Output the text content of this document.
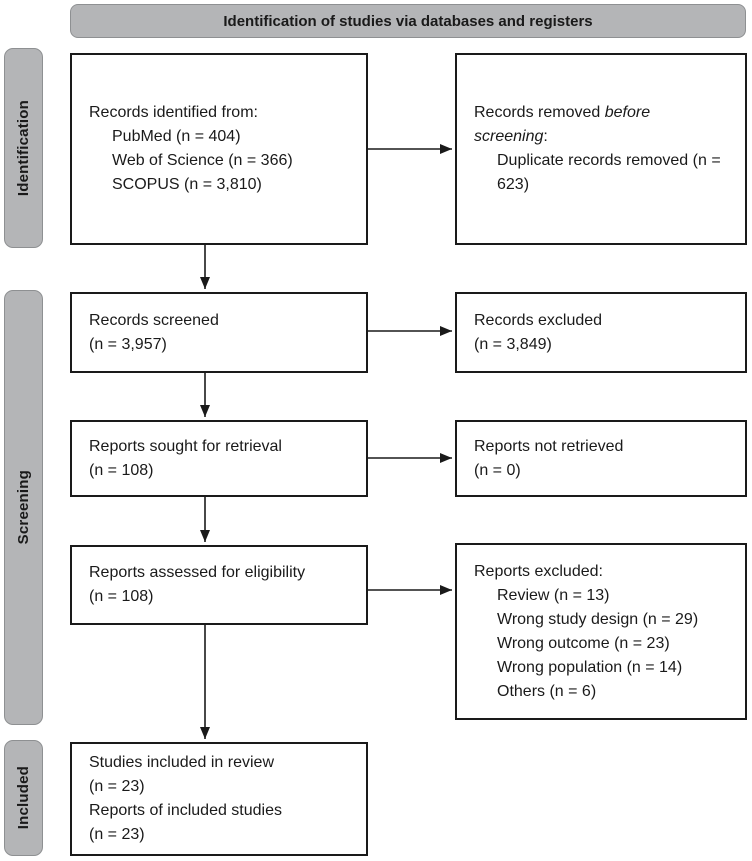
Identification of studies via databases and registers
Identification
Screening
Included
Records identified from:
PubMed (n = 404)
Web of Science (n = 366)
SCOPUS (n = 3,810)
Records removed before
screening:
Duplicate records removed (n = 623)
Records screened
(n = 3,957)
Records excluded
(n = 3,849)
Reports sought for retrieval
(n = 108)
Reports not retrieved
(n = 0)
Reports assessed for eligibility
(n = 108)
Reports excluded:
Review (n = 13)
Wrong study design (n = 29)
Wrong outcome (n = 23)
Wrong population (n = 14)
Others (n = 6)
Studies included in review
(n = 23)
Reports of included studies
(n = 23)
